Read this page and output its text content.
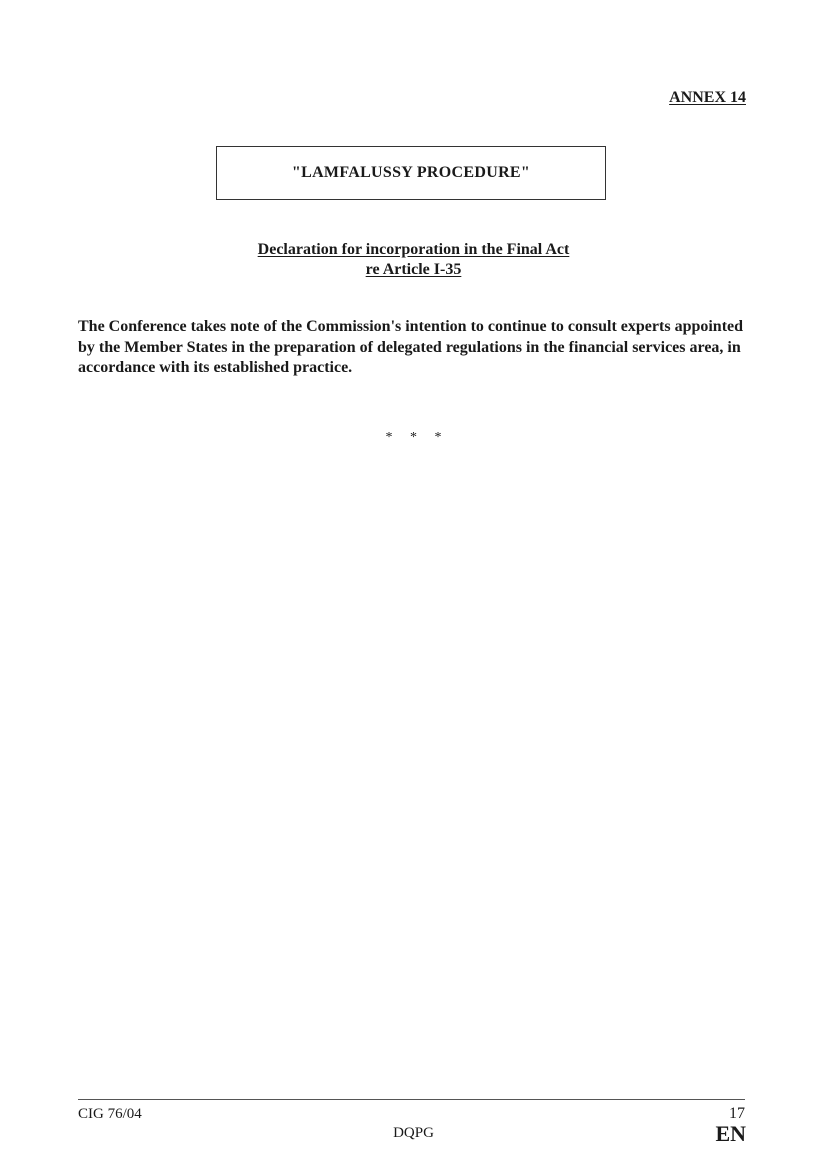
ANNEX 14
"LAMFALUSSY PROCEDURE"
Declaration for incorporation in the Final Act
re Article I-35

The Conference takes note of the Commission's intention to continue to consult experts appointed by the Member States in the preparation of delegated regulations in the financial services area, in accordance with its established practice.

* * *
CIG 76/04	17
DQPG	EN
